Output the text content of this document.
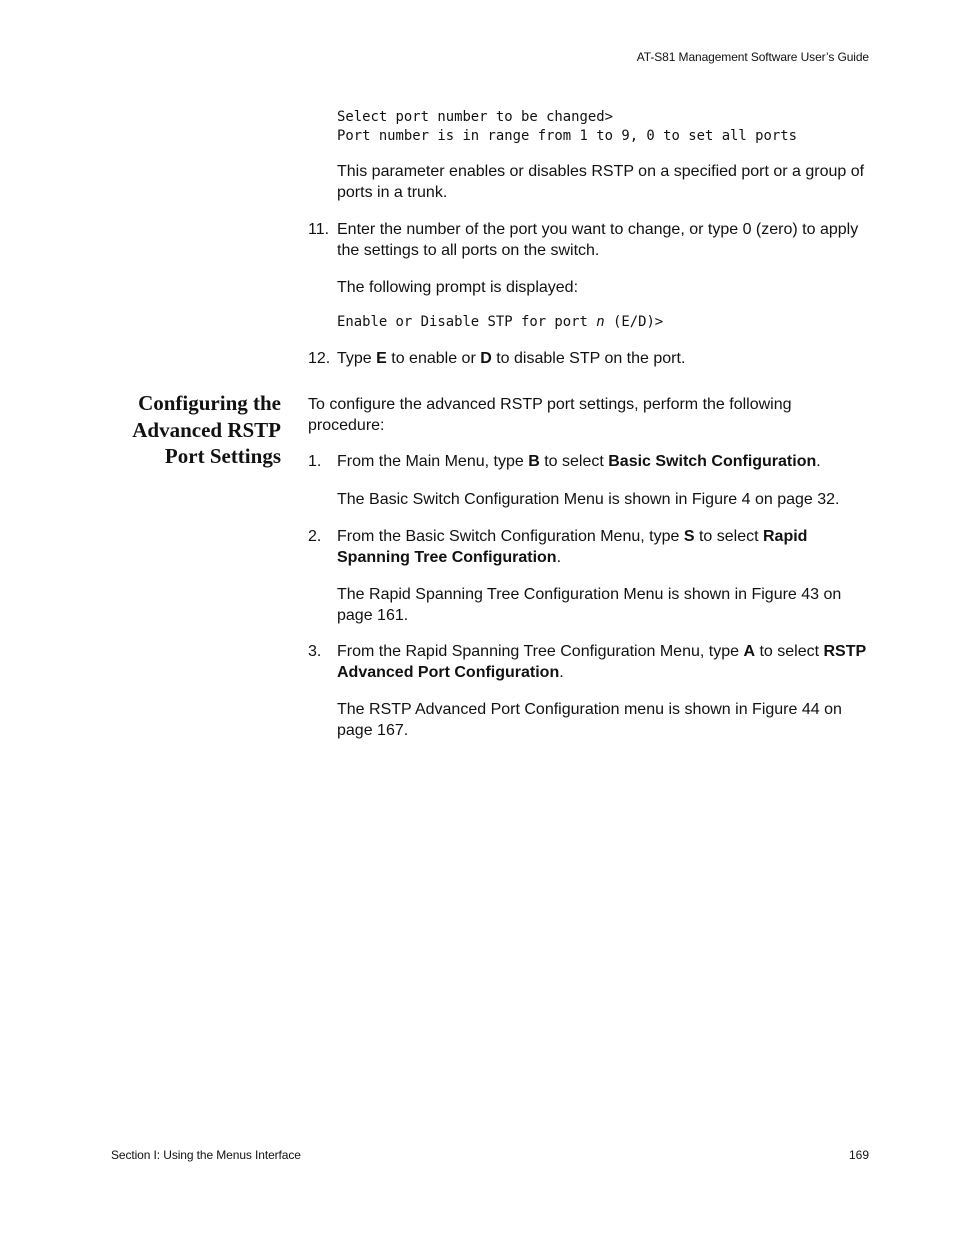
AT-S81 Management Software User’s Guide
Select port number to be changed>
Port number is in range from 1 to 9, 0 to set all ports
This parameter enables or disables RSTP on a specified port or a group of ports in a trunk.
11. Enter the number of the port you want to change, or type 0 (zero) to apply the settings to all ports on the switch.
The following prompt is displayed:
Enable or Disable STP for port n (E/D)>
12. Type E to enable or D to disable STP on the port.
Configuring the
Advanced RSTP
Port Settings
To configure the advanced RSTP port settings, perform the following procedure:
1. From the Main Menu, type B to select Basic Switch Configuration.
The Basic Switch Configuration Menu is shown in Figure 4 on page 32.
2. From the Basic Switch Configuration Menu, type S to select Rapid Spanning Tree Configuration.
The Rapid Spanning Tree Configuration Menu is shown in Figure 43 on page 161.
3. From the Rapid Spanning Tree Configuration Menu, type A to select RSTP Advanced Port Configuration.
The RSTP Advanced Port Configuration menu is shown in Figure 44 on page 167.
Section I: Using the Menus Interface	169
